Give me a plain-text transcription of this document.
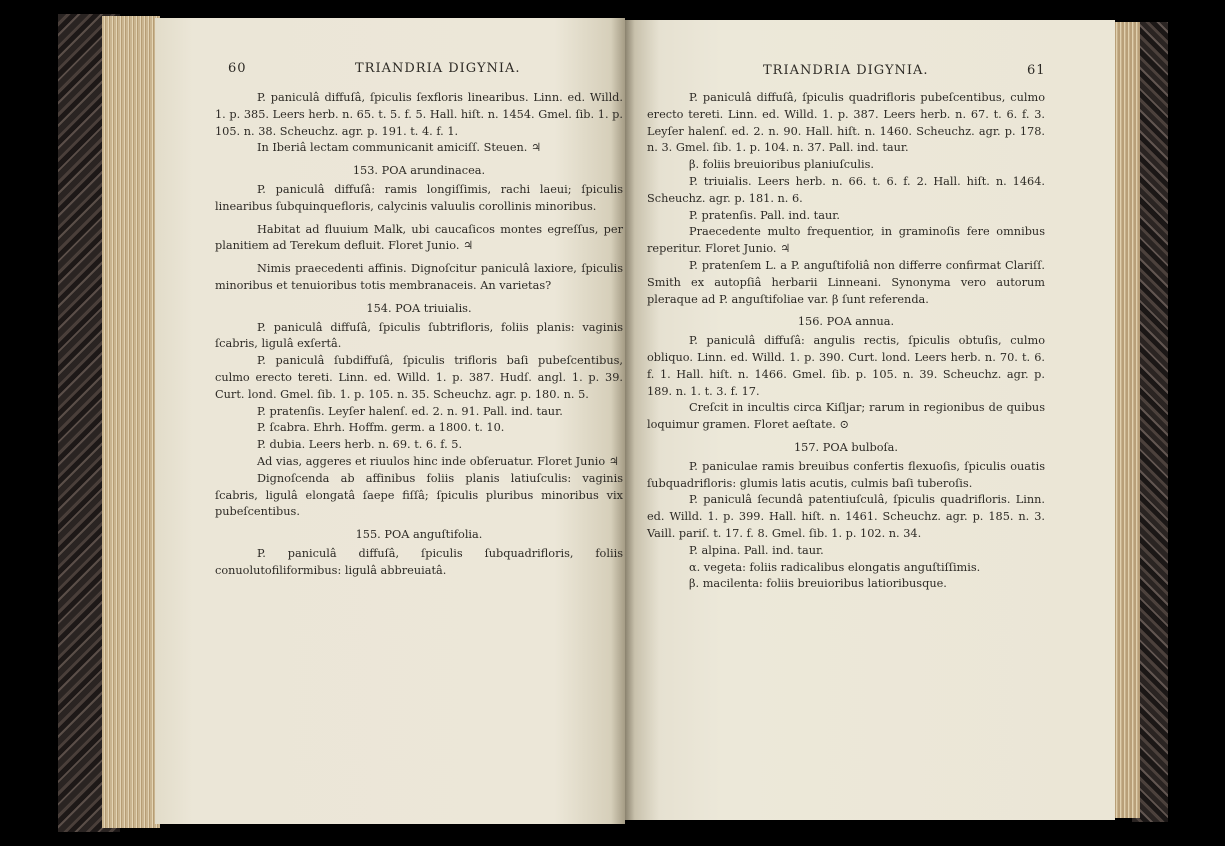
60	TRIANDRIA DIGYNIA.

P. paniculâ diffuſâ, ſpiculis ſexfloris linearibus. Linn. ed. Willd. 1. p. 385. Leers herb. n. 65. t. 5. f. 5. Hall. hiſt. n. 1454. Gmel. ſib. 1. p. 105. n. 38. Scheuchz. agr. p. 191. t. 4. f. 1.

In Iberiâ lectam communicanit amiciſſ. Steuen. ♃

153. POA arundinacea.

P. paniculâ diffuſâ: ramis longiſſimis, rachi laeui; ſpiculis linearibus ſubquinquefloris, calycinis valuulis corollinis minoribus.

Habitat ad fluuium Malk, ubi caucaſicos montes egreſſus, per planitiem ad Terekum defluit. Floret Junio. ♃

Nimis praecedenti affinis. Dignoſcitur paniculâ laxiore, ſpiculis minoribus et tenuioribus totis membranaceis. An varietas?

154. POA triuialis.

P. paniculâ diffuſâ, ſpiculis ſubtrifloris, foliis planis: vaginis ſcabris, ligulâ exſertâ.

P. paniculâ ſubdiffuſâ, ſpiculis trifloris baſi pubeſcentibus, culmo erecto tereti. Linn. ed. Willd. 1. p. 387. Hudſ. angl. 1. p. 39. Curt. lond. Gmel. ſib. 1. p. 105. n. 35. Scheuchz. agr. p. 180. n. 5.

P. pratenſis. Leyſer halenſ. ed. 2. n. 91. Pall. ind. taur.

P. ſcabra. Ehrh. Hoffm. germ. a 1800. t. 10.

P. dubia. Leers herb. n. 69. t. 6. f. 5.

Ad vias, aggeres et riuulos hinc inde obſeruatur. Floret Junio ♃

Dignoſcenda ab affinibus foliis planis latiuſculis: vaginis ſcabris, ligulâ elongatâ ſaepe fiſſâ; ſpiculis pluribus minoribus vix pubeſcentibus.

155. POA anguſtifolia.

P. paniculâ diffuſâ, ſpiculis ſubquadrifloris, foliis conuolutofiliformibus: ligulâ abbreuiatâ.

TRIANDRIA DIGYNIA.	61

P. paniculâ diffuſâ, ſpiculis quadrifloris pubeſcentibus, culmo erecto tereti. Linn. ed. Willd. 1. p. 387. Leers herb. n. 67. t. 6. f. 3. Leyſer halenſ. ed. 2. n. 90. Hall. hiſt. n. 1460. Scheuchz. agr. p. 178. n. 3. Gmel. ſib. 1. p. 104. n. 37. Pall. ind. taur.

β. foliis breuioribus planiuſculis.

P. triuialis. Leers herb. n. 66. t. 6. f. 2. Hall. hiſt. n. 1464. Scheuchz. agr. p. 181. n. 6.

P. pratenſis. Pall. ind. taur.

Praecedente multo frequentior, in graminoſis fere omnibus reperitur. Floret Junio. ♃

P. pratenſem L. a P. anguſtifoliâ non differre confirmat Clariſſ. Smith ex autopſiâ herbarii Linneani. Synonyma vero autorum pleraque ad P. anguſtifoliae var. β ſunt referenda.

156. POA annua.

P. paniculâ diffuſâ: angulis rectis, ſpiculis obtuſis, culmo obliquo. Linn. ed. Willd. 1. p. 390. Curt. lond. Leers herb. n. 70. t. 6. f. 1. Hall. hiſt. n. 1466. Gmel. ſib. p. 105. n. 39. Scheuchz. agr. p. 189. n. 1. t. 3. f. 17.

Creſcit in incultis circa Kiſljar; rarum in regionibus de quibus loquimur gramen. Floret aeſtate. ⊙

157. POA bulboſa.

P. paniculae ramis breuibus confertis flexuoſis, ſpiculis ouatis ſubquadrifloris: glumis latis acutis, culmis baſi tuberoſis.

P. paniculâ ſecundâ patentiuſculâ, ſpiculis quadrifloris. Linn. ed. Willd. 1. p. 399. Hall. hiſt. n. 1461. Scheuchz. agr. p. 185. n. 3. Vaill. pariſ. t. 17. f. 8. Gmel. ſib. 1. p. 102. n. 34.

P. alpina. Pall. ind. taur.

α. vegeta: foliis radicalibus elongatis anguſtiſſimis.

β. macilenta: foliis breuioribus latioribusque.
